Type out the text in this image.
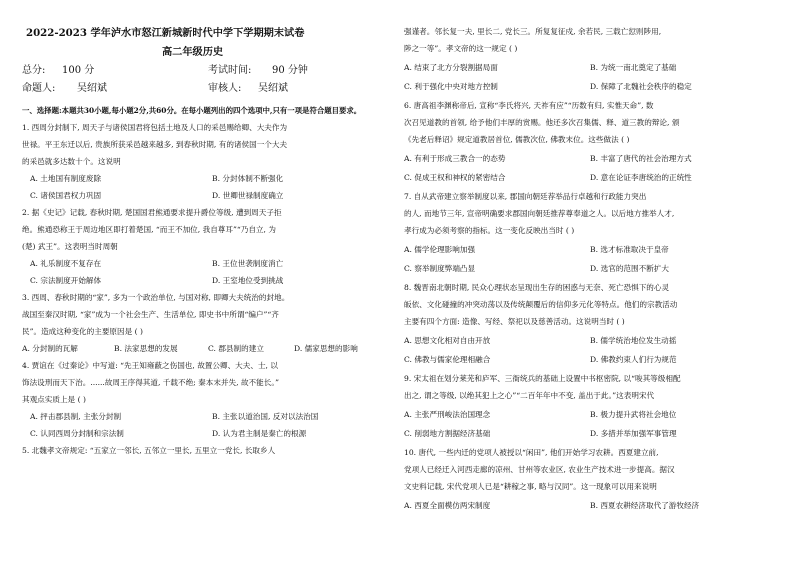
2022-2023 学年泸水市怒江新城新时代中学下学期期末试卷
高二年级历史
总分: 100 分	考试时间: 90 分钟
命题人: 吴绍斌	审核人: 吴绍斌
一、选择题:本题共30小题,每小题2分,共60分。在每小题列出的四个选项中,只有一项是符合题目要求。
1. 西周分封制下, 周天子与诸侯国君将包括土地及人口的采邑赐给卿、大夫作为
世禄。平王东迁以后, 贵族所获采邑越来越多, 到春秋时期, 有的诸侯国一个大夫
的采邑就多达数十个。这说明
A. 土地国有制度废除	B. 分封体制不断强化
C. 诸侯国君权力巩固	D. 世卿世禄制度确立
2. 据《史记》记载, 春秋时期, 楚国国君熊通要求提升爵位等级, 遭到周天子拒
绝。熊通恐称王于周边地区即打着楚国, “而王不加位, 我自尊耳”“乃自立, 为
(楚) 武王”。这表明当时周朝
A. 礼乐制度不复存在	B. 王位世袭制度消亡
C. 宗法制度开始解体	D. 王室地位受到挑战
3. 西周、春秋时期的“家”, 多为一个政治单位, 与国对称, 即卿大夫统治的封地。
战国至秦汉时期, “家”成为一个社会生产、生活单位, 即史书中所谓“编户”“齐
民”。造成这种变化的主要原因是 ( )
A. 分封制的瓦解	B. 法家思想的发展	C. 郡县制的建立	D. 儒家思想的影响
4. 贾谊在《过秦论》中写道: “先王知雍蔽之伤国也, 故置公卿、大夫、士, 以
饰法设刑而天下治。......故周王序得其道, 千载不绝; 秦本末并失, 故不能长。”
其观点实质上是 ( )
A. 抨击郡县制, 主张分封制	B. 主张以道治国, 反对以法治国
C. 认同西周分封制和宗法制	D. 认为君主制是秦亡的根源
5. 北魏孝文帝规定: “五家立一邻长, 五邻立一里长, 五里立一党长, 长取乡人
强谨者。邻长复一夫, 里长二, 党长三。所复复征戍, 余若民, 三载亡愆则陟用,
陟之一等”。孝文帝的这一规定 ( )
A. 结束了北方分裂割据局面	B. 为统一南北奠定了基础
C. 利于强化中央对地方控制	D. 保障了北魏社会秩序的稳定
6. 唐高祖李渊称帝后, 宣称“李氏将兴, 天祚有应”“历数有归, 实惟天命”, 数
次召见道教的首领, 给予他们丰厚的赏赐。他还多次召集儒、释、道三教的辩论, 颁
《先老后释诏》规定道教居首位, 儒教次位, 佛教末位。这些做法 ( )
A. 有利于形成三教合一的态势	B. 丰富了唐代的社会治理方式
C. 促成王权和神权的紧密结合	D. 意在论证李唐统治的正统性
7. 自从武帝建立察举制度以来, 郡国向朝廷荐举品行卓越和行政能力突出
的人, 而地节三年, 宣帝明确要求郡国向朝廷推荐尊奉道之人。以后地方推举人才,
孝行成为必须考察的指标。这一变化反映出当时 ( )
A. 儒学伦理影响加强	B. 选才标准取决于皇帝
C. 察举制度弊端凸显	D. 选官的范围不断扩大
8. 魏晋南北朝时期, 民众心理状态呈现出生存的困惑与无奈、死亡恐惧下的心灵
皈依、文化碰撞的冲突动荡以及传统颠覆后的信仰多元化等特点。他们的宗教活动
主要有四个方面: 造像、写经、祭祀以及慈善活动。这说明当时 ( )
A. 思想文化相对自由开放	B. 儒学统治地位发生动摇
C. 佛教与儒家伦理相融合	D. 佛教约束人们行为规范
9. 宋太祖在划分莱芜和庐军、三衙统兵的基础上设置中书枢密院, 以“唆其等级相配
出之, 谓之等级, 以绝其犯上之心”“二百年年中不变, 盖出于此。”这表明宋代
A. 主张严刑峻法治国理念	B. 极力提升武将社会地位
C. 削弱地方割据经济基础	D. 多措并举加强军事管理
10. 唐代, 一些内迁的党项人被授以“闲田”, 他们开始学习农耕。西夏建立前,
党项人已经迁入河西走廊的凉州、甘州等农业区, 农业生产技术进一步提高。据汉
文史料记载, 宋代党项人已是“耕稼之事, 略与汉同”。这一现象可以用来说明
A. 西夏全面模仿两宋制度	B. 西夏农耕经济取代了游牧经济
